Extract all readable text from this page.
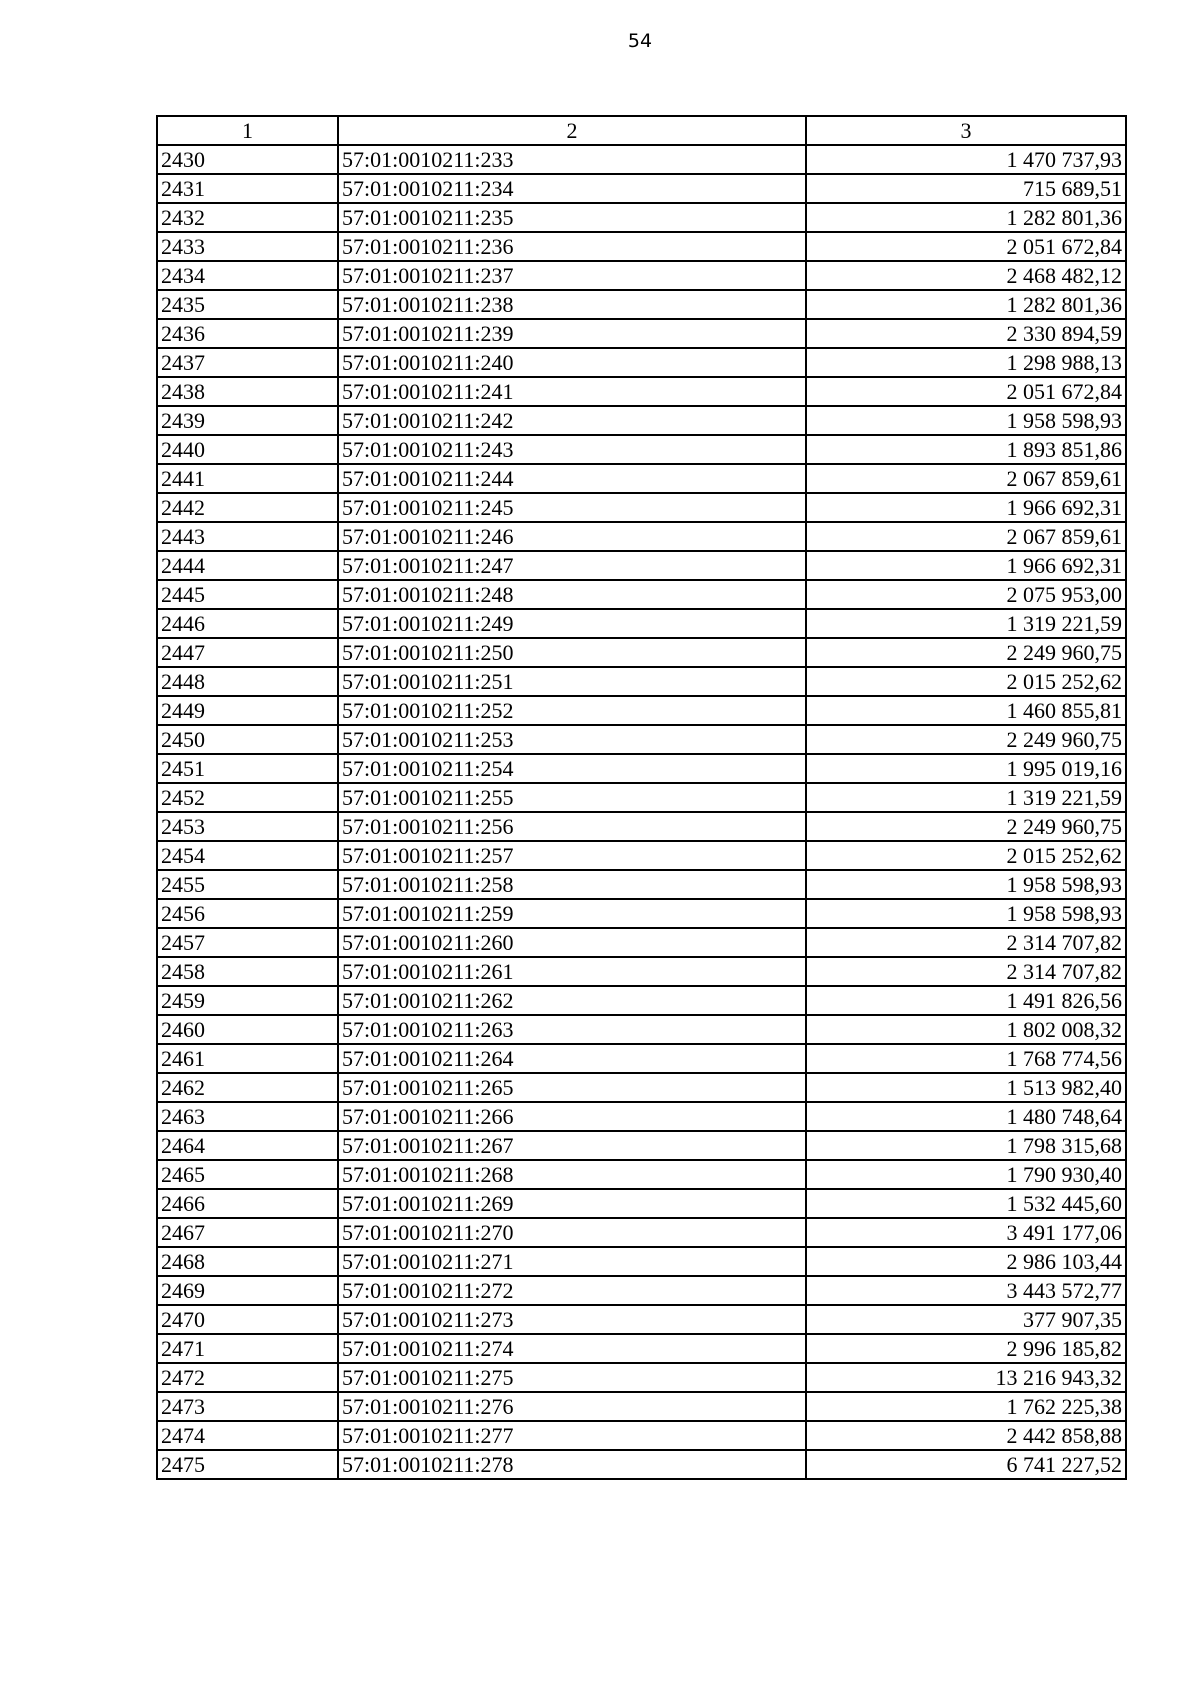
54
1	2	3
2430	57:01:0010211:233	1 470 737,93
2431	57:01:0010211:234	715 689,51
2432	57:01:0010211:235	1 282 801,36
2433	57:01:0010211:236	2 051 672,84
2434	57:01:0010211:237	2 468 482,12
2435	57:01:0010211:238	1 282 801,36
2436	57:01:0010211:239	2 330 894,59
2437	57:01:0010211:240	1 298 988,13
2438	57:01:0010211:241	2 051 672,84
2439	57:01:0010211:242	1 958 598,93
2440	57:01:0010211:243	1 893 851,86
2441	57:01:0010211:244	2 067 859,61
2442	57:01:0010211:245	1 966 692,31
2443	57:01:0010211:246	2 067 859,61
2444	57:01:0010211:247	1 966 692,31
2445	57:01:0010211:248	2 075 953,00
2446	57:01:0010211:249	1 319 221,59
2447	57:01:0010211:250	2 249 960,75
2448	57:01:0010211:251	2 015 252,62
2449	57:01:0010211:252	1 460 855,81
2450	57:01:0010211:253	2 249 960,75
2451	57:01:0010211:254	1 995 019,16
2452	57:01:0010211:255	1 319 221,59
2453	57:01:0010211:256	2 249 960,75
2454	57:01:0010211:257	2 015 252,62
2455	57:01:0010211:258	1 958 598,93
2456	57:01:0010211:259	1 958 598,93
2457	57:01:0010211:260	2 314 707,82
2458	57:01:0010211:261	2 314 707,82
2459	57:01:0010211:262	1 491 826,56
2460	57:01:0010211:263	1 802 008,32
2461	57:01:0010211:264	1 768 774,56
2462	57:01:0010211:265	1 513 982,40
2463	57:01:0010211:266	1 480 748,64
2464	57:01:0010211:267	1 798 315,68
2465	57:01:0010211:268	1 790 930,40
2466	57:01:0010211:269	1 532 445,60
2467	57:01:0010211:270	3 491 177,06
2468	57:01:0010211:271	2 986 103,44
2469	57:01:0010211:272	3 443 572,77
2470	57:01:0010211:273	377 907,35
2471	57:01:0010211:274	2 996 185,82
2472	57:01:0010211:275	13 216 943,32
2473	57:01:0010211:276	1 762 225,38
2474	57:01:0010211:277	2 442 858,88
2475	57:01:0010211:278	6 741 227,52
